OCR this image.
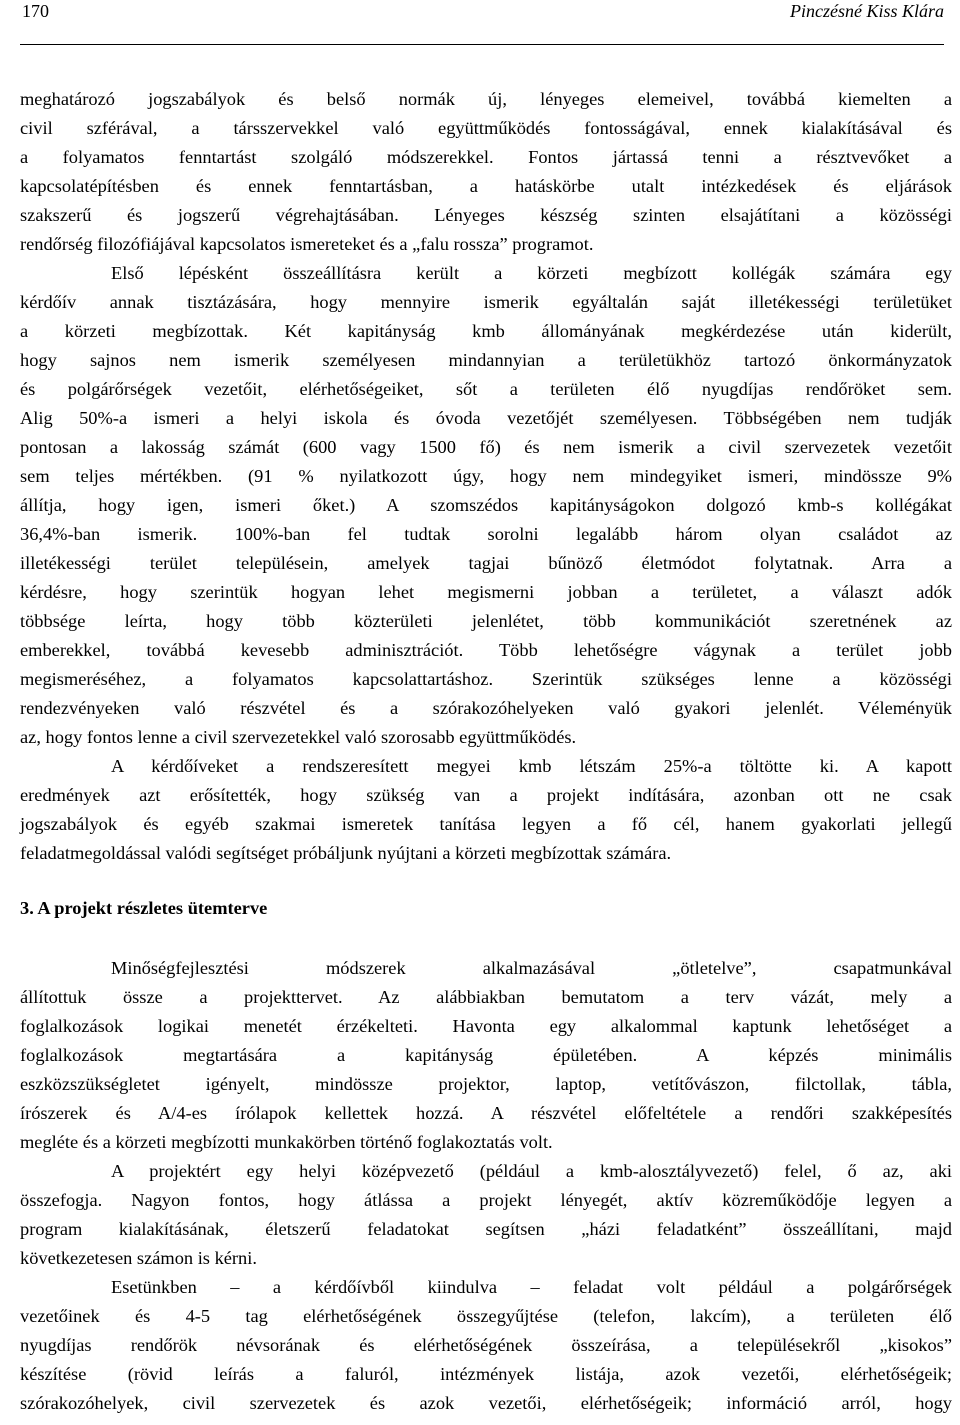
170	Pinczésné Kiss Klára
meghatározó jogszabályok és belső normák új, lényeges elemeivel, továbbá kiemelten a
civil szférával, a társszervekkel való együttműködés fontosságával, ennek kialakításával és
a folyamatos fenntartást szolgáló módszerekkel. Fontos jártassá tenni a résztvevőket a
kapcsolatépítésben és ennek fenntartásban, a hatáskörbe utalt intézkedések és eljárások
szakszerű és jogszerű végrehajtásában. Lényeges készség szinten elsajátítani a közösségi
rendőrség filozófiájával kapcsolatos ismereteket és a „falu rossza” programot.
Első lépésként összeállításra került a körzeti megbízott kollégák számára egy
kérdőív annak tisztázására, hogy mennyire ismerik egyáltalán saját illetékességi területüket
a körzeti megbízottak. Két kapitányság kmb állományának megkérdezése után kiderült,
hogy sajnos nem ismerik személyesen mindannyian a területükhöz tartozó önkormányzatok
és polgárőrségek vezetőit, elérhetőségeiket, sőt a területen élő nyugdíjas rendőröket sem.
Alig 50%-a ismeri a helyi iskola és óvoda vezetőjét személyesen. Többségében nem tudják
pontosan a lakosság számát (600 vagy 1500 fő) és nem ismerik a civil szervezetek vezetőit
sem teljes mértékben. (91 % nyilatkozott úgy, hogy nem mindegyiket ismeri, mindössze 9%
állítja, hogy igen, ismeri őket.) A szomszédos kapitányságokon dolgozó kmb-s kollégákat
36,4%-ban ismerik. 100%-ban fel tudtak sorolni legalább három olyan családot az
illetékességi terület településein, amelyek tagjai bűnöző életmódot folytatnak. Arra a
kérdésre, hogy szerintük hogyan lehet megismerni jobban a területet, a választ adók
többsége leírta, hogy több közterületi jelenlétet, több kommunikációt szeretnének az
emberekkel, továbbá kevesebb adminisztrációt. Több lehetőségre vágynak a terület jobb
megismeréséhez, a folyamatos kapcsolattartáshoz. Szerintük szükséges lenne a közösségi
rendezvényeken való részvétel és a szórakozóhelyeken való gyakori jelenlét. Véleményük
az, hogy fontos lenne a civil szervezetekkel való szorosabb együttműködés.
A kérdőíveket a rendszeresített megyei kmb létszám 25%-a töltötte ki. A kapott
eredmények azt erősítették, hogy szükség van a projekt indítására, azonban ott ne csak
jogszabályok és egyéb szakmai ismeretek tanítása legyen a fő cél, hanem gyakorlati jellegű
feladatmegoldással valódi segítséget próbáljunk nyújtani a körzeti megbízottak számára.
3. A projekt részletes ütemterve
Minőségfejlesztési módszerek alkalmazásával „ötletelve”, csapatmunkával
állítottuk össze a projekttervet. Az alábbiakban bemutatom a terv vázát, mely a
foglalkozások logikai menetét érzékelteti. Havonta egy alkalommal kaptunk lehetőséget a
foglalkozások megtartására a kapitányság épületében. A képzés minimális
eszközszükségletet igényelt, mindössze projektor, laptop, vetítővászon, filctollak, tábla,
írószerek és A/4-es írólapok kellettek hozzá. A részvétel előfeltétele a rendőri szakképesítés
megléte és a körzeti megbízotti munkakörben történő foglakoztatás volt.
A projektért egy helyi középvezető (például a kmb-alosztályvezető) felel, ő az, aki
összefogja. Nagyon fontos, hogy átlássa a projekt lényegét, aktív közreműködője legyen a
program kialakításának, életszerű feladatokat segítsen „házi feladatként” összeállítani, majd
következetesen számon is kérni.
Esetünkben – a kérdőívből kiindulva – feladat volt például a polgárőrségek
vezetőinek és 4-5 tag elérhetőségének összegyűjtése (telefon, lakcím), a területen élő
nyugdíjas rendőrök névsorának és elérhetőségének összeírása, a településekről „kisokos”
készítése (rövid leírás a faluról, intézmények listája, azok vezetői, elérhetőségeik;
szórakozóhelyek, civil szervezetek és azok vezetői, elérhetőségeik; információ arról, hogy
